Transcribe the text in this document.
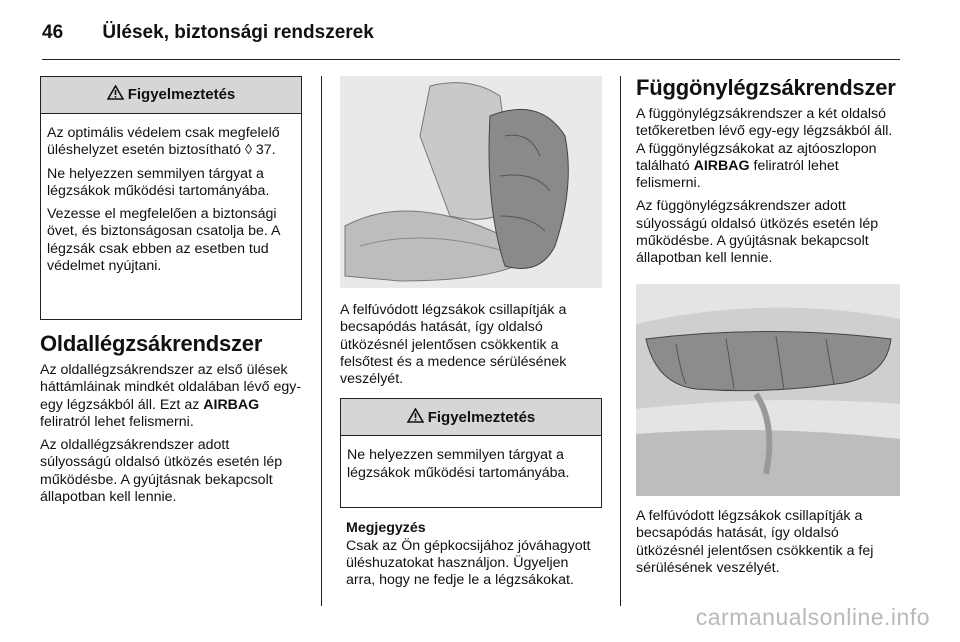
46 Ülések, biztonsági rendszerek
Figyelmeztetés

Az optimális védelem csak megfelelő üléshelyzet esetén biztosítható ◊ 37.

Ne helyezzen semmilyen tárgyat a légzsákok működési tartományába.

Vezesse el megfelelően a biztonsági övet, és biztonságosan csatolja be. A légzsák csak ebben az esetben tud védelmet nyújtani.

Oldallégzsákrendszer

Az oldallégzsákrendszer az első ülések háttámláinak mindkét oldalában lévő egy-egy légzsákból áll. Ezt az AIRBAG feliratról lehet felismerni.

Az oldallégzsákrendszer adott súlyosságú oldalsó ütközés esetén lép működésbe. A gyújtásnak bekapcsolt állapotban kell lennie.

A felfúvódott légzsákok csillapítják a becsapódás hatását, így oldalsó ütközésnél jelentősen csökkentik a felsőtest és a medence sérülésének veszélyét.

Figyelmeztetés

Ne helyezzen semmilyen tárgyat a légzsákok működési tartományába.

Megjegyzés
Csak az Ön gépkocsijához jóváhagyott üléshuzatokat használjon. Ügyeljen arra, hogy ne fedje le a légzsákokat.
Függönylégzsákrendszer

A függönylégzsákrendszer a két oldalsó tetőkeretben lévő egy-egy légzsákból áll. A függönylégzsákokat az ajtóoszlopon található AIRBAG feliratról lehet felismerni.

Az függönylégzsákrendszer adott súlyosságú oldalsó ütközés esetén lép működésbe. A gyújtásnak bekapcsolt állapotban kell lennie.

A felfúvódott légzsákok csillapítják a becsapódás hatását, így oldalsó ütközésnél jelentősen csökkentik a fej sérülésének veszélyét.

carmanualsonline.info
